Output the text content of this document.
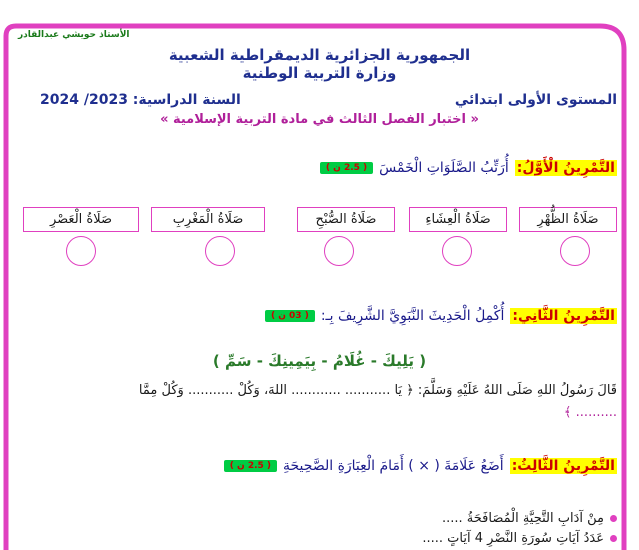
الأستاذ حويشي عبدالقادر
الجمهورية الجزائرية الديمقراطية الشعبية
وزارة التربية الوطنية
المستوى الأولى ابتدائي
السنة الدراسية: 2023/ 2024
« اختبار الفصل الثالث في مادة التربية الإسلامية »
التَّمْرِينُ الْأَوَّلُ:
أُرَتِّبُ الصَّلَوَاتِ الْخَمْسَ
( 2.5 ن )
صَلَاةُ الظُّهْرِ
صَلَاةُ الْعِشَاءِ
صَلَاةُ الصُّبْحِ
صَلَاةُ الْمَغْرِبِ
صَلَاةُ الْعَصْرِ
التَّمْرِينُ الثَّانِي:
أُكْمِلُ الْحَدِيثَ النَّبَوِيَّ الشَّرِيفَ بِـ:
( 03 ن )
( يَلِيكَ - غُلَامُ - بِيَمِينِكَ - سَمِّ )
قَالَ رَسُولُ اللهِ صَلَى اللهُ عَلَيْهِ وَسَلَّمَ: ﴿ يَا ........... ............ اللهَ، وَكُلْ ........... وَكُلْ مِمَّا
.......... ﴾
التَّمْرِينُ الثَّالِثُ:
أَضَعُ عَلَامَةَ ( × ) أَمَامَ الْعِبَارَةِ الصَّحِيحَةِ
( 2.5 ن )
مِنْ آدَابِ التَّحِيَّةِ الْمُصَافَحَةُ .....
عَدَدُ آيَاتِ سُورَةِ النَّصْرِ 4 آيَاتٍ .....
